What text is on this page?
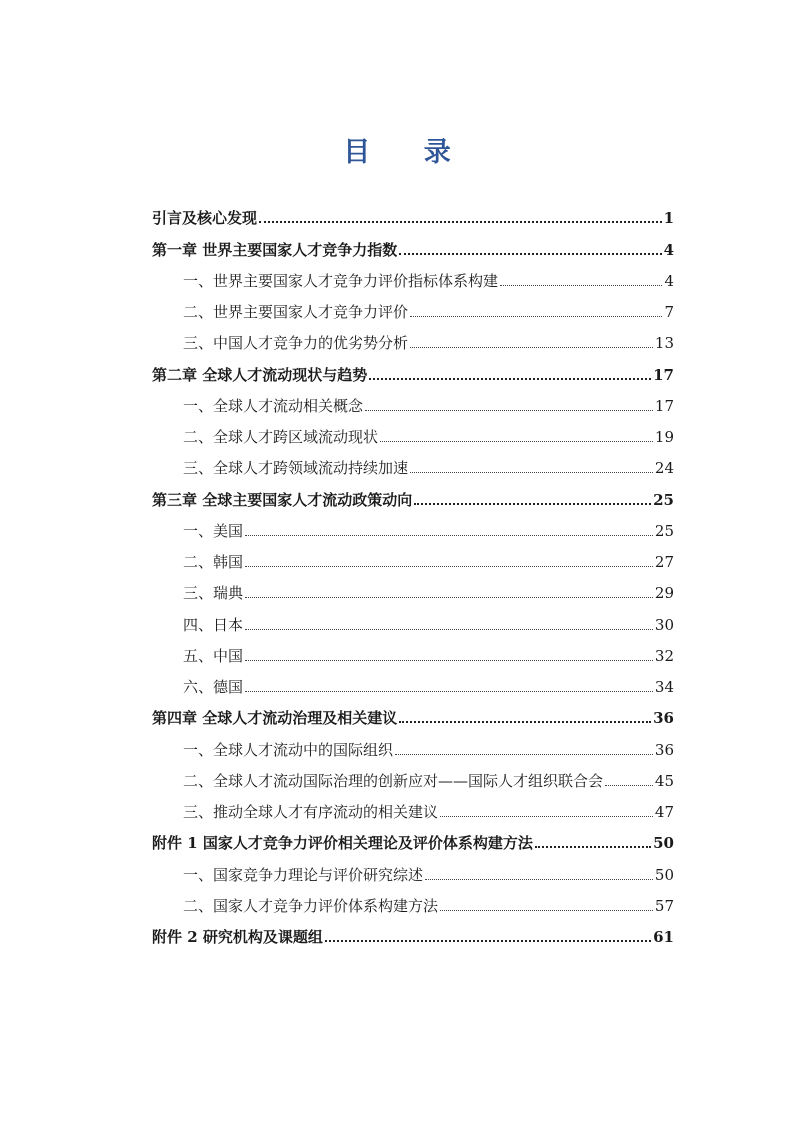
目 录
引言及核心发现	1
第一章 世界主要国家人才竞争力指数	4
一、世界主要国家人才竞争力评价指标体系构建	4
二、世界主要国家人才竞争力评价	7
三、中国人才竞争力的优劣势分析	13
第二章 全球人才流动现状与趋势	17
一、全球人才流动相关概念	17
二、全球人才跨区域流动现状	19
三、全球人才跨领域流动持续加速	24
第三章 全球主要国家人才流动政策动向	25
一、美国	25
二、韩国	27
三、瑞典	29
四、日本	30
五、中国	32
六、德国	34
第四章 全球人才流动治理及相关建议	36
一、全球人才流动中的国际组织	36
二、全球人才流动国际治理的创新应对——国际人才组织联合会	45
三、推动全球人才有序流动的相关建议	47
附件 1 国家人才竞争力评价相关理论及评价体系构建方法	50
一、国家竞争力理论与评价研究综述	50
二、国家人才竞争力评价体系构建方法	57
附件 2 研究机构及课题组	61
